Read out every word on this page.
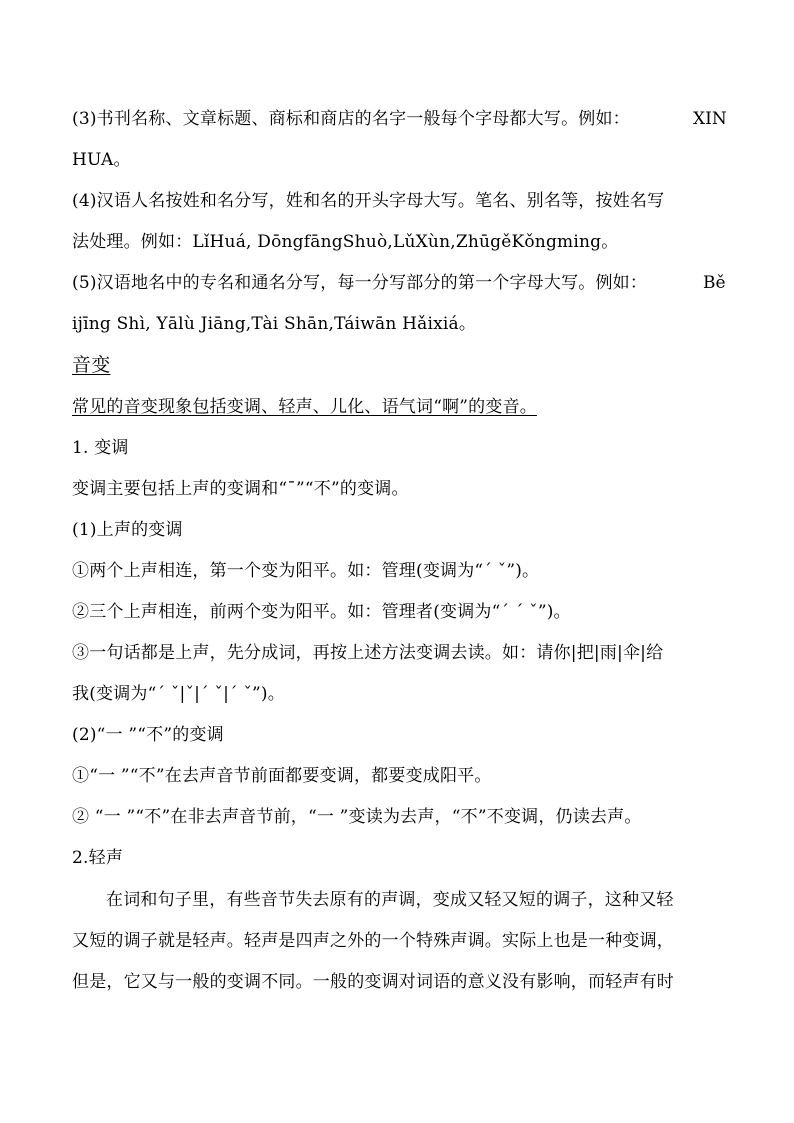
(3)书刊名称、文章标题、商标和商店的名字一般每个字母都大写。例如：	XIN
HUA。
(4)汉语人名按姓和名分写，姓和名的开头字母大写。笔名、别名等，按姓名写
法处理。例如：LǐHuá, DōngfāngShuò,LǔXùn,ZhūgěKǒngming。
(5)汉语地名中的专名和通名分写，每一分写部分的第一个字母大写。例如：	Bě
ijīng Shì, Yālù Jiāng,Tài Shān,Táiwān Hǎixiá。
音变
常见的音变现象包括变调、轻声、儿化、语气词“啊”的变音。
1. 变调
变调主要包括上声的变调和“ˉ”“不”的变调。
(1)上声的变调
①两个上声相连，第一个变为阳平。如：管理(变调为“ˊ ˇ”)。
②三个上声相连，前两个变为阳平。如：管理者(变调为“ˊ ˊ ˇ”)。
③一句话都是上声，先分成词，再按上述方法变调去读。如：请你|把|雨|伞|给
我(变调为“ˊ ˇ|ˇ|ˊ ˇ|ˊ ˇ”)。
(2)“一 ”“不”的变调
①“一 ”“不”在去声音节前面都要变调，都要变成阳平。
② “一 ”“不”在非去声音节前，“一 ”变读为去声，“不”不变调，仍读去声。
2.轻声
在词和句子里，有些音节失去原有的声调，变成又轻又短的调子，这种又轻
又短的调子就是轻声。轻声是四声之外的一个特殊声调。实际上也是一种变调，
但是，它又与一般的变调不同。一般的变调对词语的意义没有影响，而轻声有时
